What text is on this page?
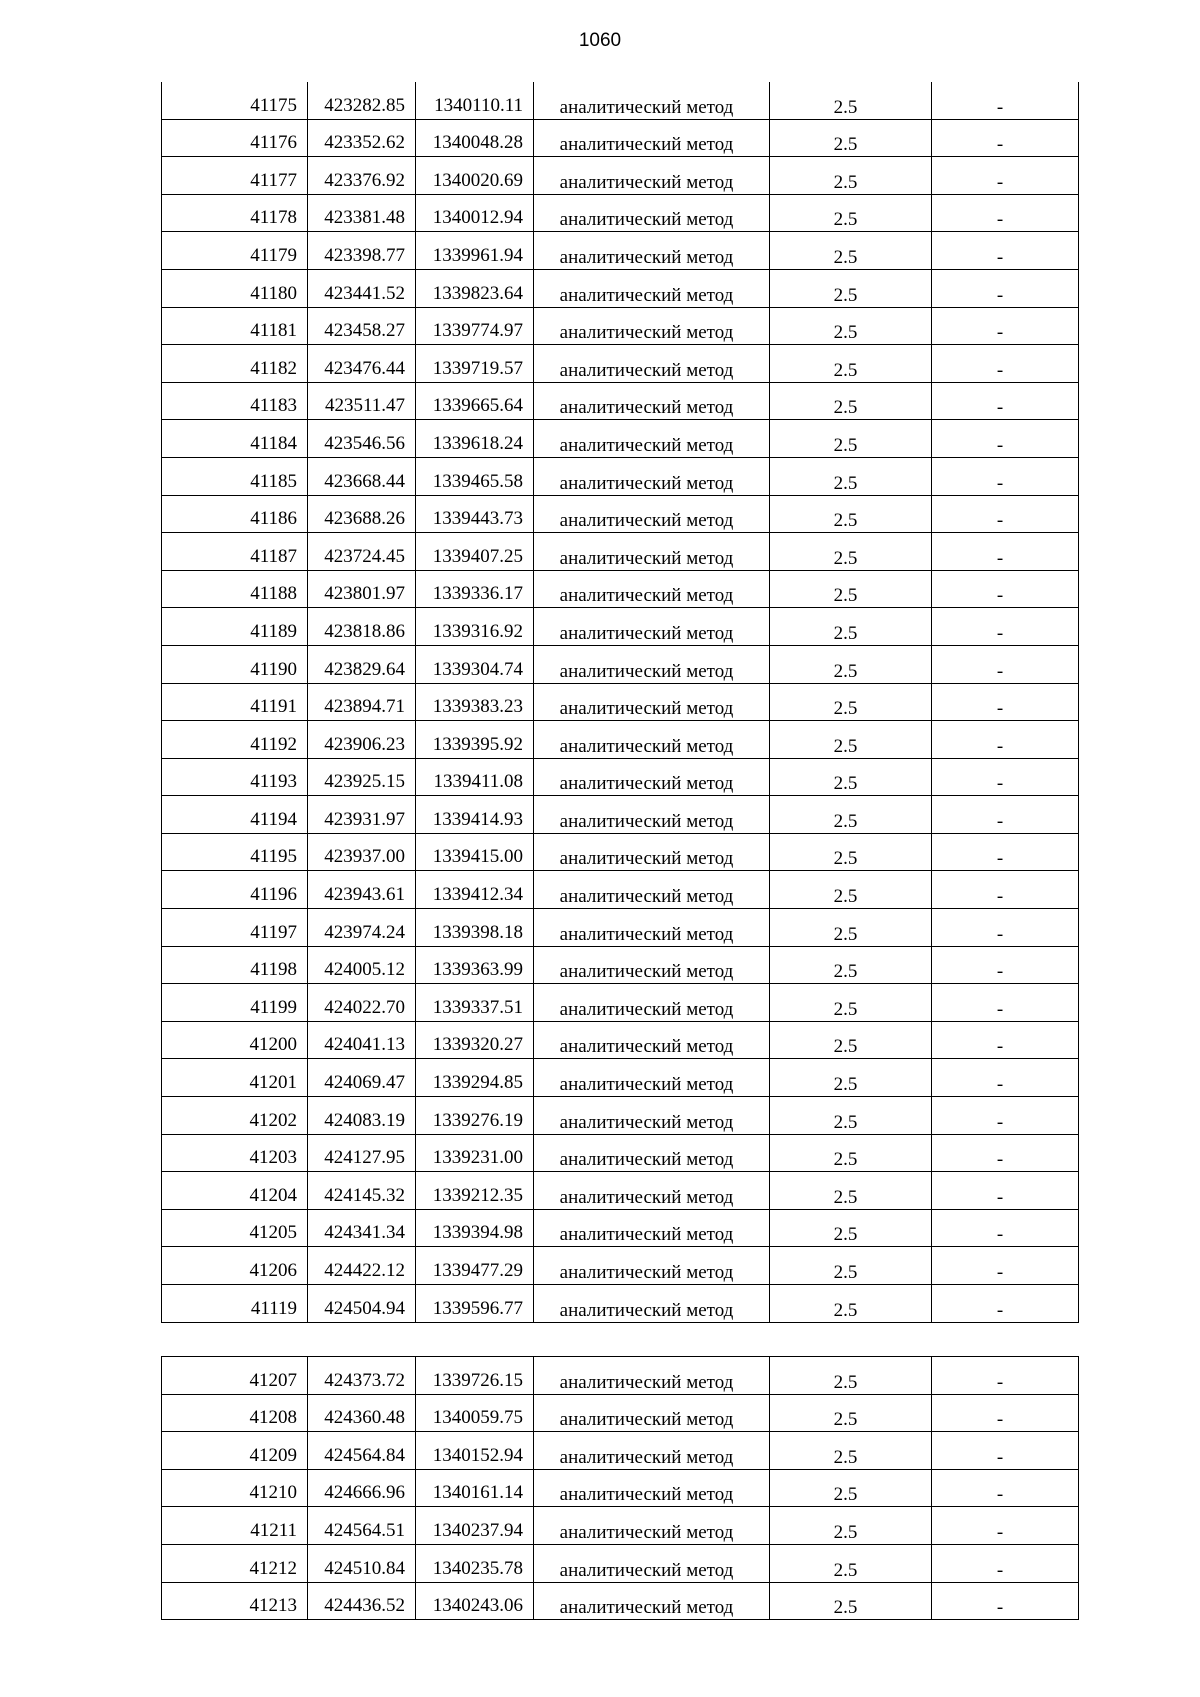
1060
41175	423282.85	1340110.11	аналитический метод	2.5	-
41176	423352.62	1340048.28	аналитический метод	2.5	-
41177	423376.92	1340020.69	аналитический метод	2.5	-
41178	423381.48	1340012.94	аналитический метод	2.5	-
41179	423398.77	1339961.94	аналитический метод	2.5	-
41180	423441.52	1339823.64	аналитический метод	2.5	-
41181	423458.27	1339774.97	аналитический метод	2.5	-
41182	423476.44	1339719.57	аналитический метод	2.5	-
41183	423511.47	1339665.64	аналитический метод	2.5	-
41184	423546.56	1339618.24	аналитический метод	2.5	-
41185	423668.44	1339465.58	аналитический метод	2.5	-
41186	423688.26	1339443.73	аналитический метод	2.5	-
41187	423724.45	1339407.25	аналитический метод	2.5	-
41188	423801.97	1339336.17	аналитический метод	2.5	-
41189	423818.86	1339316.92	аналитический метод	2.5	-
41190	423829.64	1339304.74	аналитический метод	2.5	-
41191	423894.71	1339383.23	аналитический метод	2.5	-
41192	423906.23	1339395.92	аналитический метод	2.5	-
41193	423925.15	1339411.08	аналитический метод	2.5	-
41194	423931.97	1339414.93	аналитический метод	2.5	-
41195	423937.00	1339415.00	аналитический метод	2.5	-
41196	423943.61	1339412.34	аналитический метод	2.5	-
41197	423974.24	1339398.18	аналитический метод	2.5	-
41198	424005.12	1339363.99	аналитический метод	2.5	-
41199	424022.70	1339337.51	аналитический метод	2.5	-
41200	424041.13	1339320.27	аналитический метод	2.5	-
41201	424069.47	1339294.85	аналитический метод	2.5	-
41202	424083.19	1339276.19	аналитический метод	2.5	-
41203	424127.95	1339231.00	аналитический метод	2.5	-
41204	424145.32	1339212.35	аналитический метод	2.5	-
41205	424341.34	1339394.98	аналитический метод	2.5	-
41206	424422.12	1339477.29	аналитический метод	2.5	-
41119	424504.94	1339596.77	аналитический метод	2.5	-
41207	424373.72	1339726.15	аналитический метод	2.5	-
41208	424360.48	1340059.75	аналитический метод	2.5	-
41209	424564.84	1340152.94	аналитический метод	2.5	-
41210	424666.96	1340161.14	аналитический метод	2.5	-
41211	424564.51	1340237.94	аналитический метод	2.5	-
41212	424510.84	1340235.78	аналитический метод	2.5	-
41213	424436.52	1340243.06	аналитический метод	2.5	-
